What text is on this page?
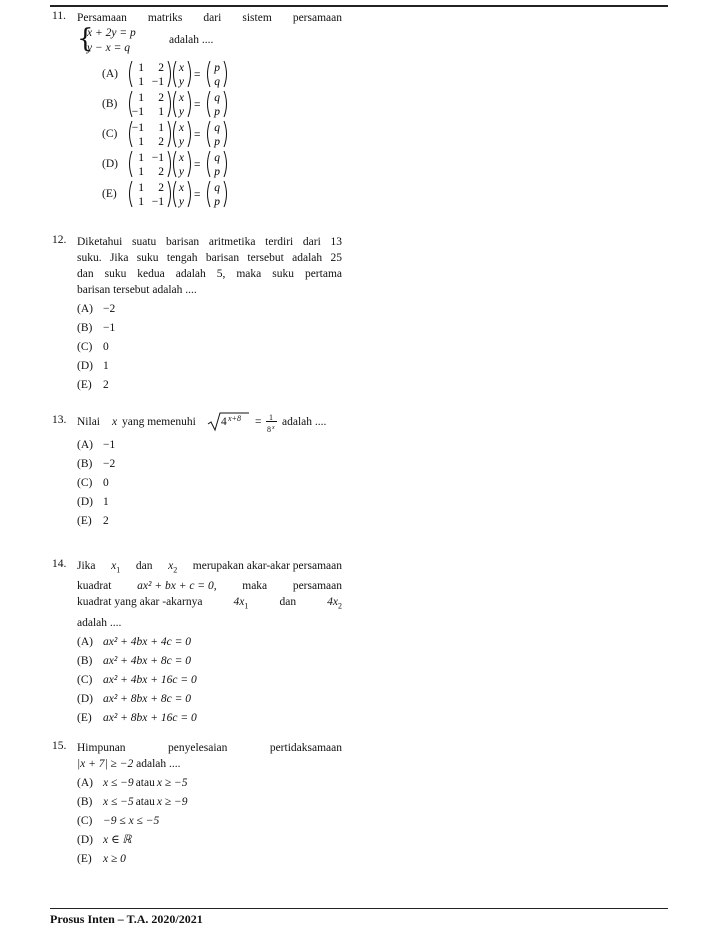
11. Persamaan matriks dari sistem persamaan
{
x + 2y = p
y − x = q
adalah ....
(A) 1 2
1 −1
x
y
=
p
q
(B) 1 2
−1 1
x
y
=
q
p
(C) −1 1
1 2
x
y
=
q
p
(D) 1 −1
1 2
x
y
=
q
p
(E) 1 2
1 −1
x
y
=
q
p
12. Diketahui suatu barisan aritmetika terdiri dari 13
suku. Jika suku tengah barisan tersebut adalah 25
dan suku kedua adalah 5, maka suku pertama
barisan tersebut adalah ....
(A) −2
(B) −1
(C) 0
(D) 1
(E) 2
13. Nilai x yang memenuhi 4 x+8 = 1
8 x adalah ....
(A) −1
(B) −2
(C) 0
(D) 1
(E) 2
14. Jika $x_1$ dan $x_2$ merupakan akar-akar persamaan
kuadrat ax² + bx + c = 0, maka persamaan
kuadrat yang akar -akarnya	$4x_1$	dan	$4x_2$
adalah ....
(A) ax² + 4bx + 4c = 0
(B) ax² + 4bx + 8c = 0
(C) ax² + 4bx + 16c = 0
(D) ax² + 8bx + 8c = 0
(E) ax² + 8bx + 16c = 0
15. Himpunan	penyelesaian	pertidaksamaan
|x + 7| ≥ −2 adalah ....
(A) x ≤ −9 atau x ≥ −5
(B) x ≤ −5 atau x ≥ −9
(C) −9 ≤ x ≤ −5
(D) x ∈ ℝ
(E) x ≥ 0
Prosus Inten – T.A. 2020/2021
